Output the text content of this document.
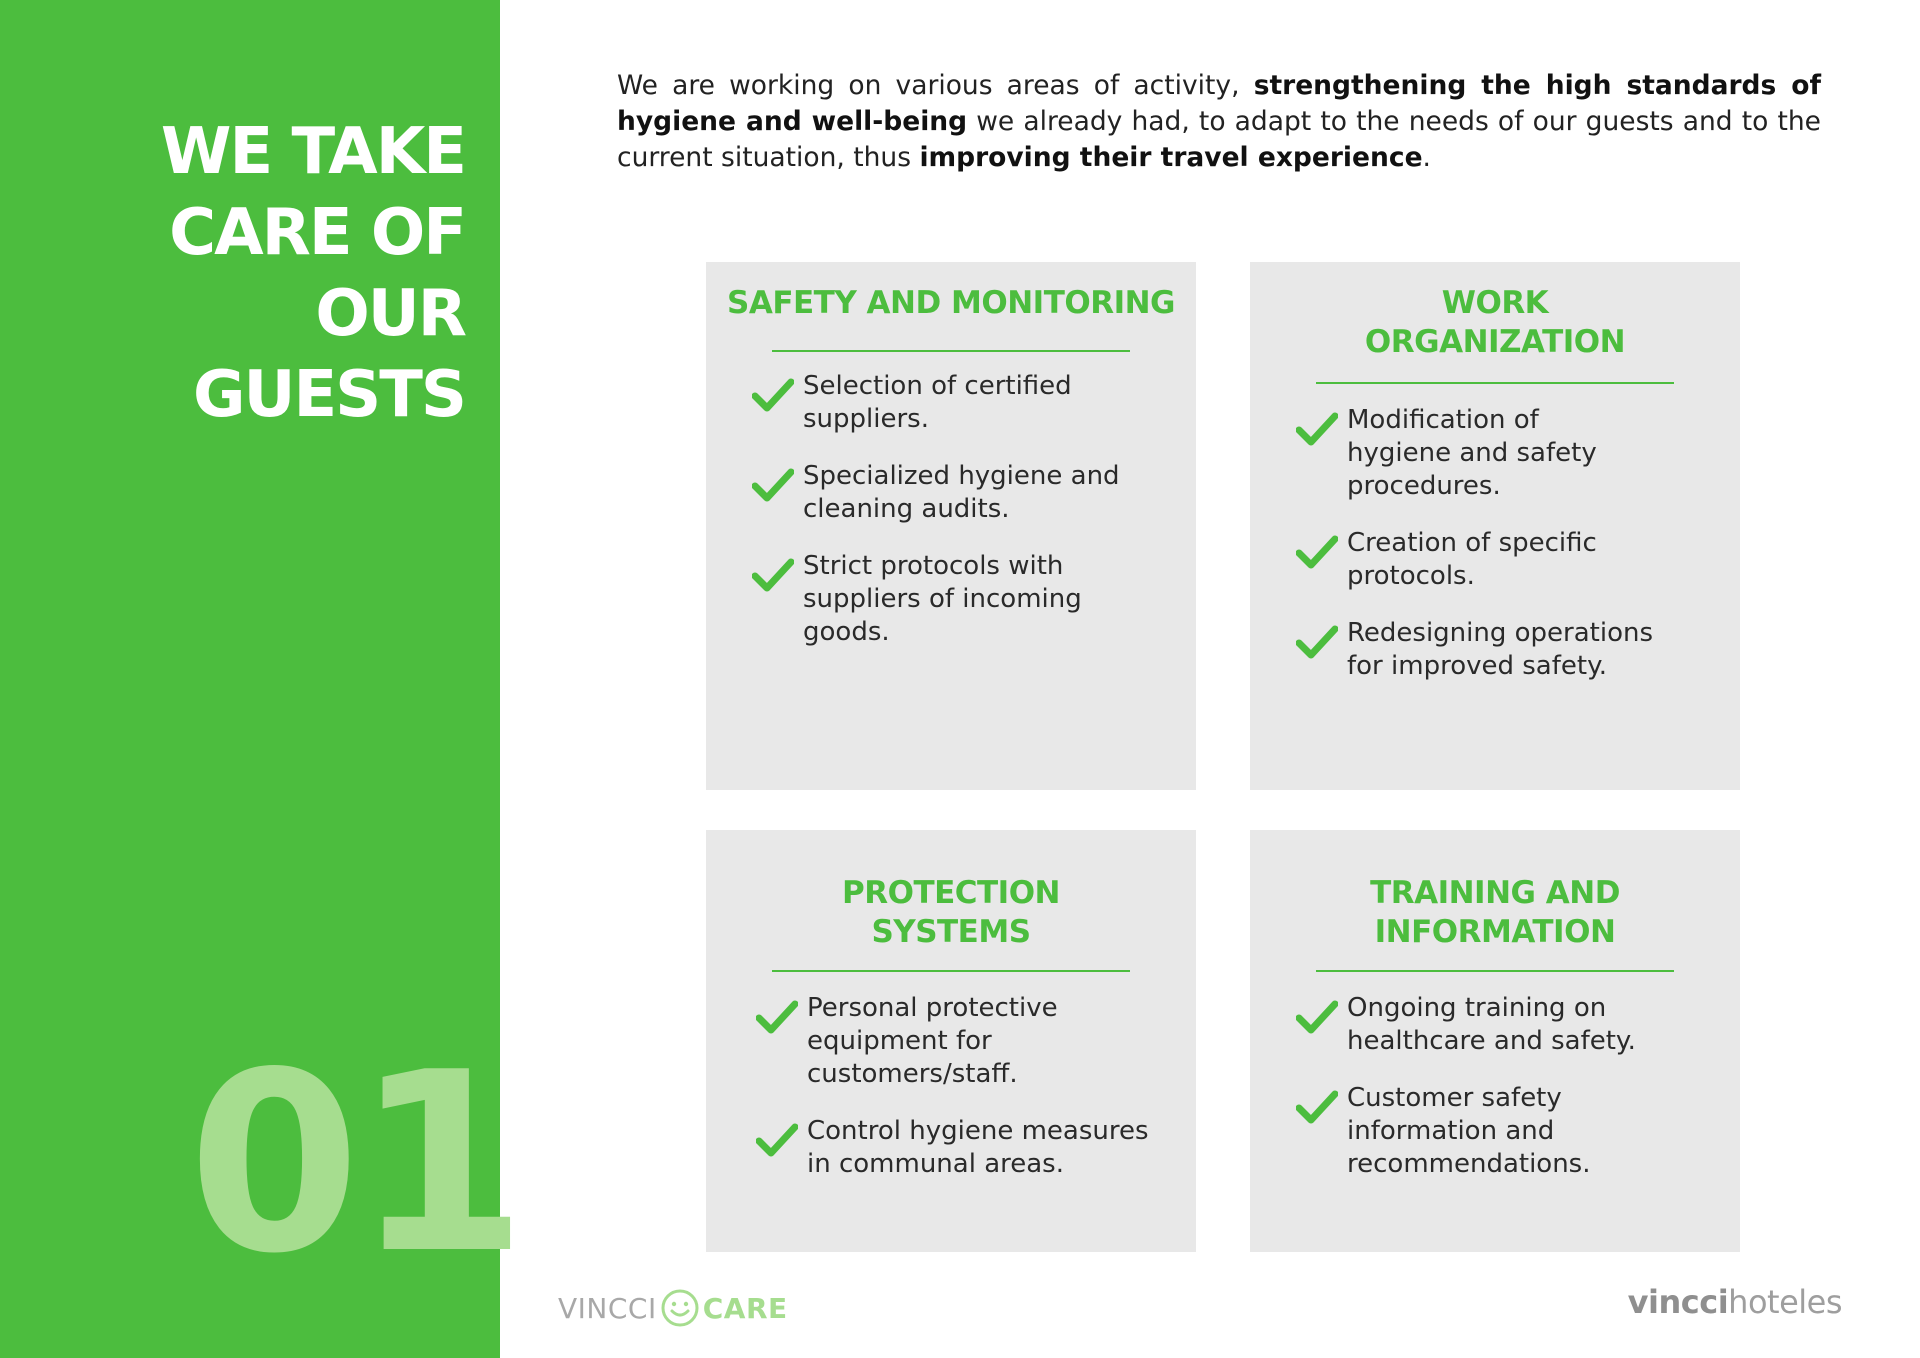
WE TAKE
CARE OF
OUR GUESTS
01

We are working on various areas of activity, strengthening the high standards of hygiene and well-being we already had, to adapt to the needs of our guests and to the current situation, thus improving their travel experience.

SAFETY AND MONITORING
Selection of certified
suppliers.
Specialized hygiene and
cleaning audits.
Strict protocols with
suppliers of incoming
goods.
WORK
ORGANIZATION
Modification of
hygiene and safety
procedures.
Creation of specific
protocols.
Redesigning operations
for improved safety.
PROTECTION
SYSTEMS
Personal protective
equipment for
customers/staff.
Control hygiene measures
in communal areas.
TRAINING AND
INFORMATION
Ongoing training on
healthcare and safety.
Customer safety
information and
recommendations.
VINCCI CARE	vinccihoteles
